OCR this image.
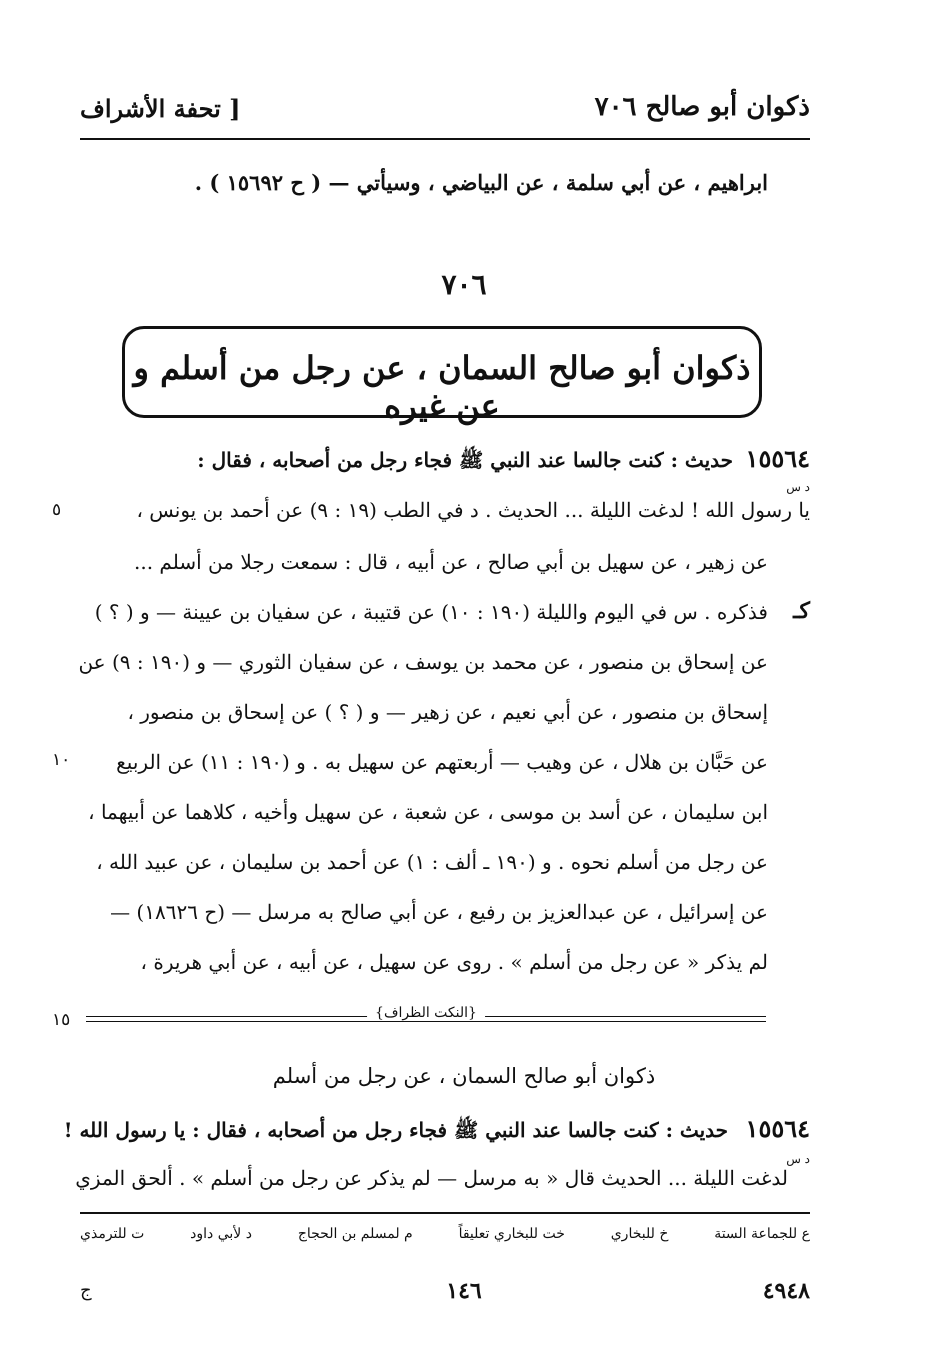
ذكوان أبو صالح ٧٠٦
[ تحفة الأشراف
ابراهيم ، عن أبي سلمة ، عن البياضي ، وسيأتي — ( ح ١٥٦٩٢ ) .
٧٠٦
ذكوان أبو صالح السمان ، عن رجل من أسلم و عن غيره
١٥٥٦٤
حديث : كنت جالسا عند النبي ﷺ فجاء رجل من أصحابه ، فقال :
يا رسول الله ! لدغت الليلة ... الحديث . د في الطب (١٩ : ٩) عن أحمد بن يونس ،
عن زهير ، عن سهيل بن أبي صالح ، عن أبيه ، قال : سمعت رجلا من أسلم ...
فذكره . س في اليوم والليلة (١٩٠ : ١٠) عن قتيبة ، عن سفيان بن عيينة — و ( ؟ )
عن إسحاق بن منصور ، عن محمد بن يوسف ، عن سفيان الثوري — و (١٩٠ : ٩) عن
إسحاق بن منصور ، عن أبي نعيم ، عن زهير — و ( ؟ ) عن إسحاق بن منصور ،
عن حَبَّان بن هلال ، عن وهيب — أربعتهم عن سهيل به . و (١٩٠ : ١١) عن الربيع
ابن سليمان ، عن أسد بن موسى ، عن شعبة ، عن سهيل وأخيه ، كلاهما عن أبيهما ،
عن رجل من أسلم نحوه . و (١٩٠ ـ ألف : ١) عن أحمد بن سليمان ، عن عبيد الله ،
عن إسرائيل ، عن عبدالعزيز بن رفيع ، عن أبي صالح به مرسل — (ح ١٨٦٢٦) —
لم يذكر « عن رجل من أسلم » . روى عن سهيل ، عن أبيه ، عن أبي هريرة ،
د س
كـ
٥
١٠
١٥	{النكت الظراف}
ذكوان أبو صالح السمان ، عن رجل من أسلم
١٥٥٦٤
حديث : كنت جالسا عند النبي ﷺ فجاء رجل من أصحابه ، فقال : يا رسول الله !
د س
لدغت الليلة ... الحديث قال « به مرسل — لم يذكر عن رجل من أسلم » . ألحق المزي
ع للجماعة الستة
خ للبخاري
خت للبخاري تعليقاً
م لمسلم بن الحجاج
د لأبي داود
ت للترمذي
٤٩٤٨
١٤٦
ج
